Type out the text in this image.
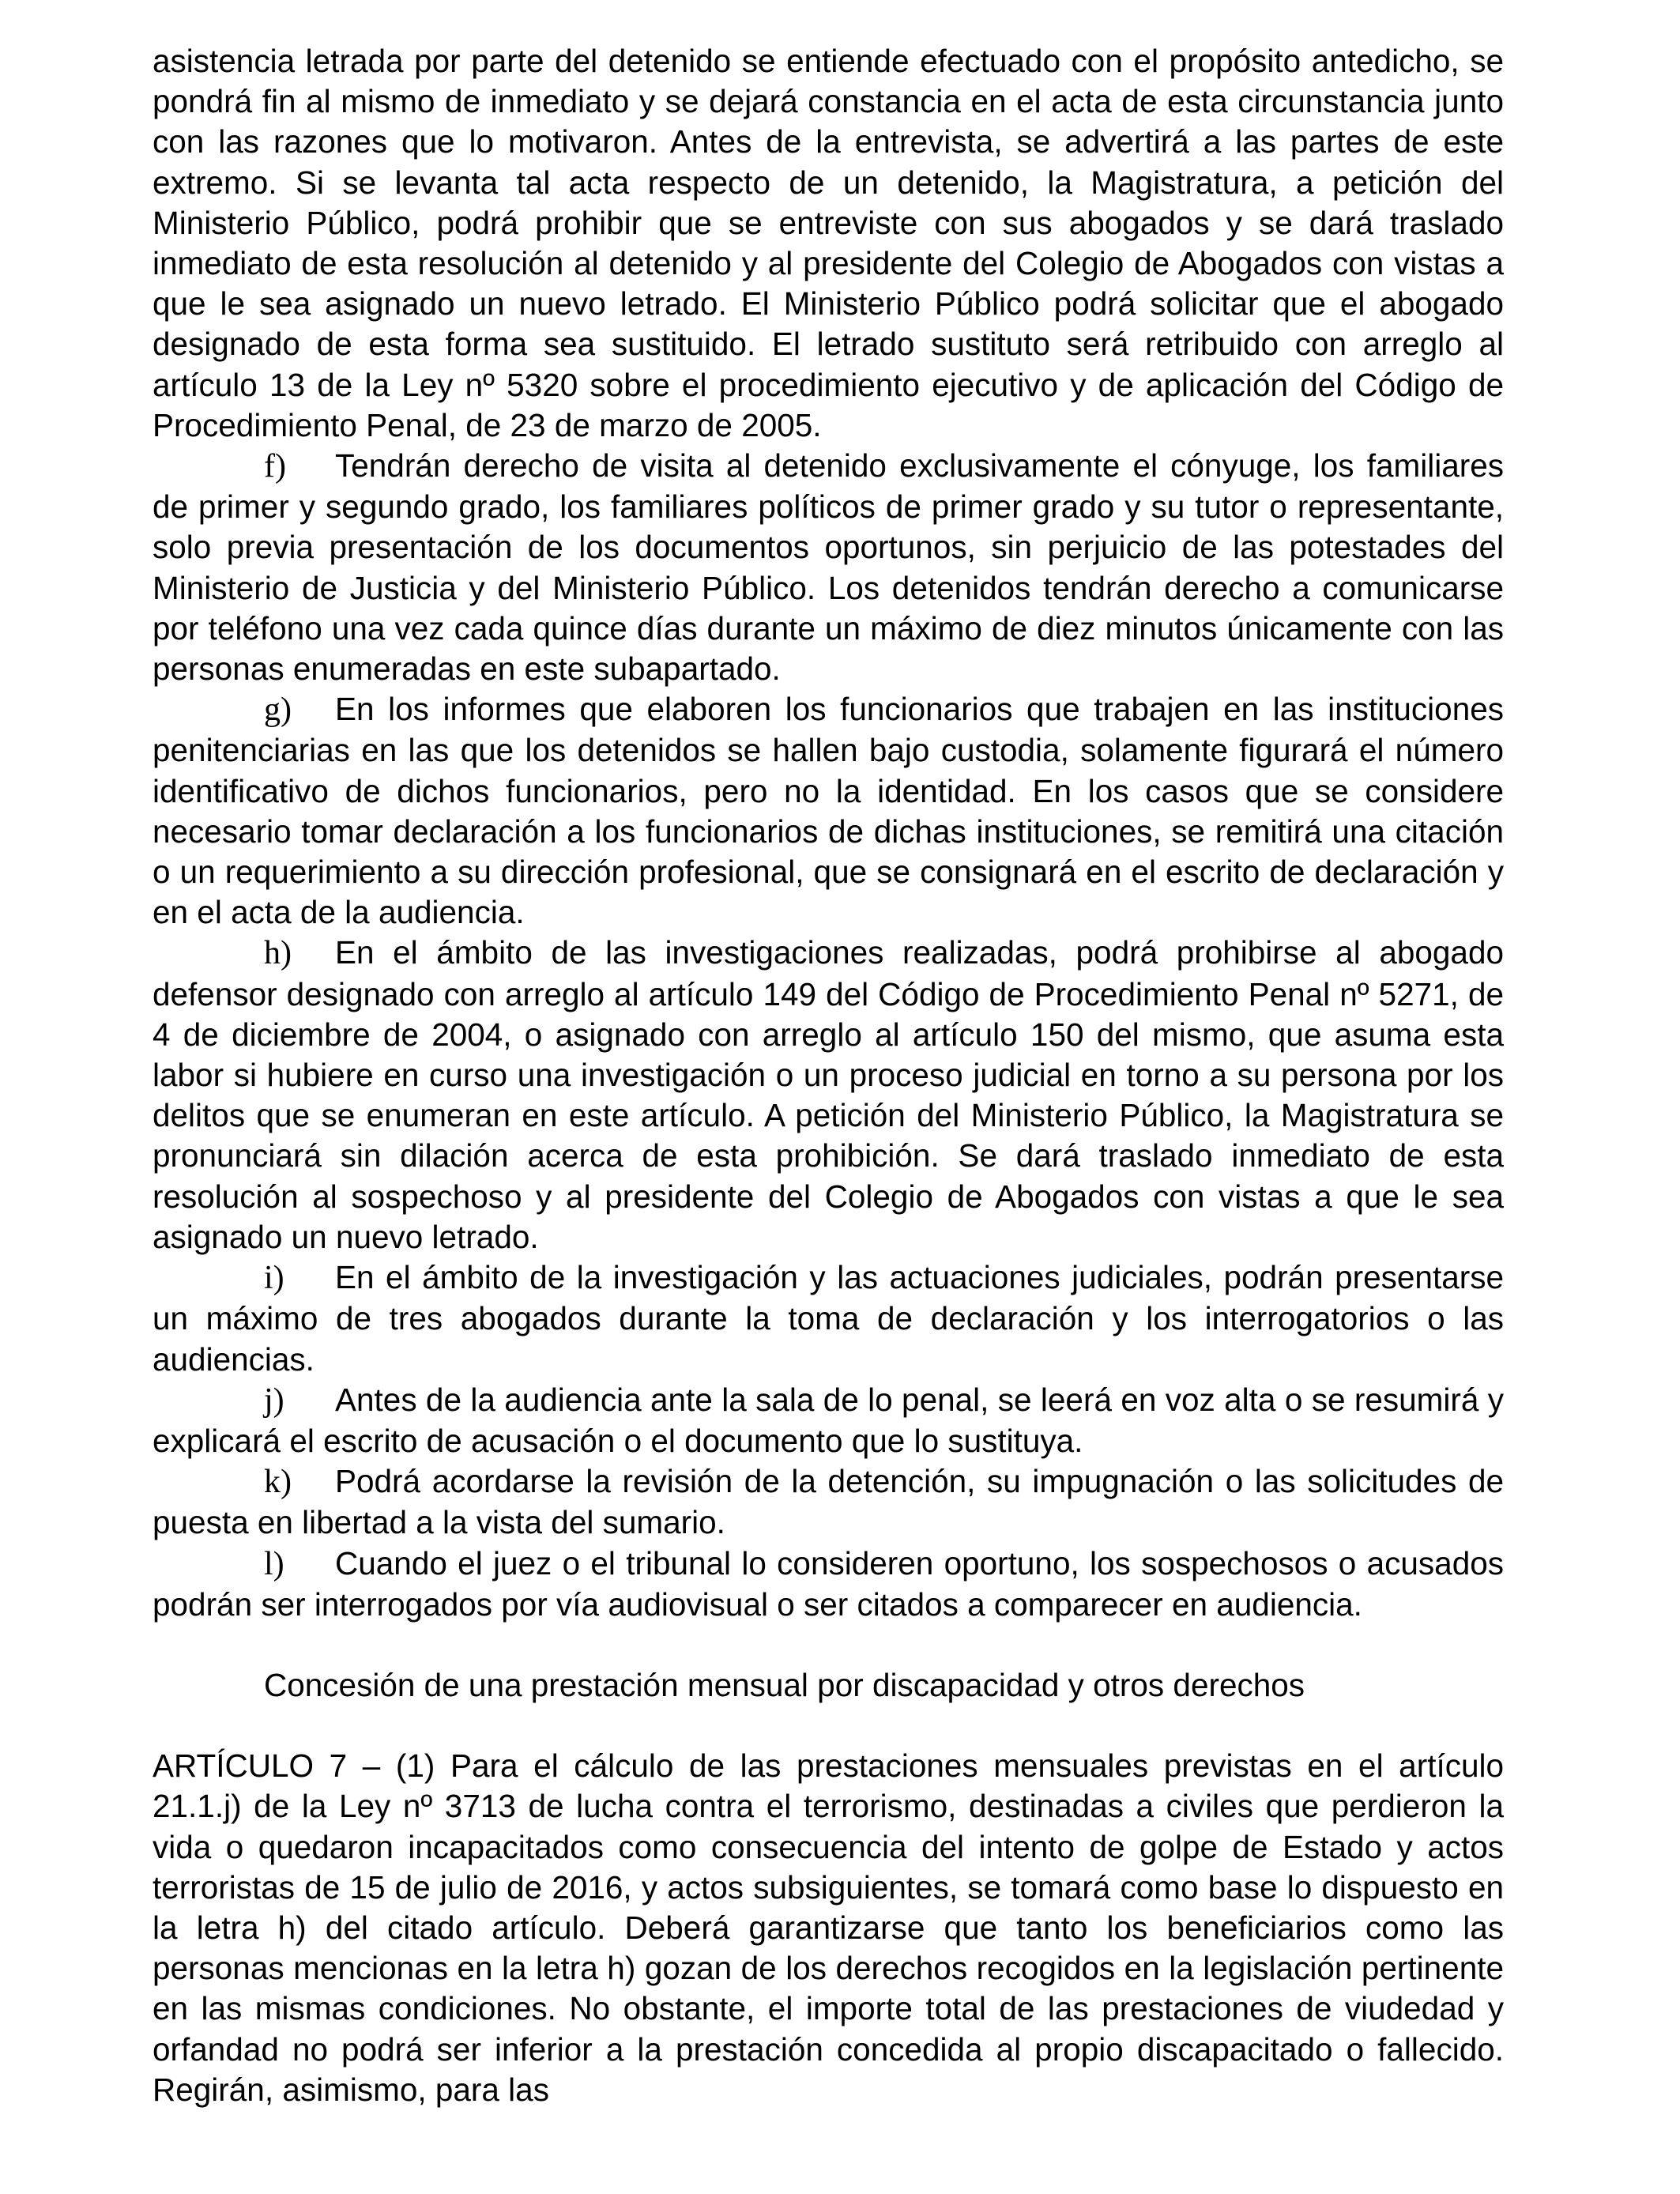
asistencia letrada por parte del detenido se entiende efectuado con el propósito antedicho, se pondrá fin al mismo de inmediato y se dejará constancia en el acta de esta circunstancia junto con las razones que lo motivaron. Antes de la entrevista, se advertirá a las partes de este extremo. Si se levanta tal acta respecto de un detenido, la Magistratura, a petición del Ministerio Público, podrá prohibir que se entreviste con sus abogados y se dará traslado inmediato de esta resolución al detenido y al presidente del Colegio de Abogados con vistas a que le sea asignado un nuevo letrado. El Ministerio Público podrá solicitar que el abogado designado de esta forma sea sustituido. El letrado sustituto será retribuido con arreglo al artículo 13 de la Ley nº 5320 sobre el procedimiento ejecutivo y de aplicación del Código de Procedimiento Penal, de 23 de marzo de 2005.

f) Tendrán derecho de visita al detenido exclusivamente el cónyuge, los familiares de primer y segundo grado, los familiares políticos de primer grado y su tutor o representante, solo previa presentación de los documentos oportunos, sin perjuicio de las potestades del Ministerio de Justicia y del Ministerio Público. Los detenidos tendrán derecho a comunicarse por teléfono una vez cada quince días durante un máximo de diez minutos únicamente con las personas enumeradas en este subapartado.

g) En los informes que elaboren los funcionarios que trabajen en las instituciones penitenciarias en las que los detenidos se hallen bajo custodia, solamente figurará el número identificativo de dichos funcionarios, pero no la identidad. En los casos que se considere necesario tomar declaración a los funcionarios de dichas instituciones, se remitirá una citación o un requerimiento a su dirección profesional, que se consignará en el escrito de declaración y en el acta de la audiencia.

h) En el ámbito de las investigaciones realizadas, podrá prohibirse al abogado defensor designado con arreglo al artículo 149 del Código de Procedimiento Penal nº 5271, de 4 de diciembre de 2004, o asignado con arreglo al artículo 150 del mismo, que asuma esta labor si hubiere en curso una investigación o un proceso judicial en torno a su persona por los delitos que se enumeran en este artículo. A petición del Ministerio Público, la Magistratura se pronunciará sin dilación acerca de esta prohibición. Se dará traslado inmediato de esta resolución al sospechoso y al presidente del Colegio de Abogados con vistas a que le sea asignado un nuevo letrado.

i) En el ámbito de la investigación y las actuaciones judiciales, podrán presentarse un máximo de tres abogados durante la toma de declaración y los interrogatorios o las audiencias.

j) Antes de la audiencia ante la sala de lo penal, se leerá en voz alta o se resumirá y explicará el escrito de acusación o el documento que lo sustituya.

k) Podrá acordarse la revisión de la detención, su impugnación o las solicitudes de puesta en libertad a la vista del sumario.

l) Cuando el juez o el tribunal lo consideren oportuno, los sospechosos o acusados podrán ser interrogados por vía audiovisual o ser citados a comparecer en audiencia.

Concesión de una prestación mensual por discapacidad y otros derechos

ARTÍCULO 7 – (1) Para el cálculo de las prestaciones mensuales previstas en el artículo 21.1.j) de la Ley nº 3713 de lucha contra el terrorismo, destinadas a civiles que perdieron la vida o quedaron incapacitados como consecuencia del intento de golpe de Estado y actos terroristas de 15 de julio de 2016, y actos subsiguientes, se tomará como base lo dispuesto en la letra h) del citado artículo. Deberá garantizarse que tanto los beneficiarios como las personas mencionas en la letra h) gozan de los derechos recogidos en la legislación pertinente en las mismas condiciones. No obstante, el importe total de las prestaciones de viudedad y orfandad no podrá ser inferior a la prestación concedida al propio discapacitado o fallecido. Regirán, asimismo, para las
